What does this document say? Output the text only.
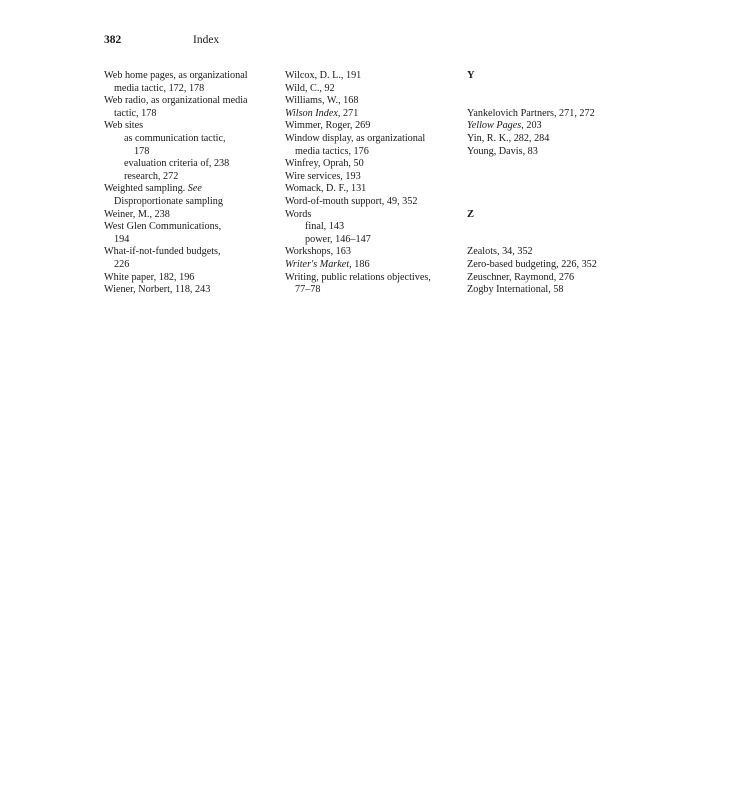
382	Index
Web home pages, as organizational
media tactic, 172, 178
Web radio, as organizational media
tactic, 178
Web sites
as communication tactic,
178
evaluation criteria of, 238
research, 272
Weighted sampling. See
Disproportionate sampling
Weiner, M., 238
West Glen Communications,
194
What-if-not-funded budgets,
226
White paper, 182, 196
Wiener, Norbert, 118, 243
Wilcox, D. L., 191
Wild, C., 92
Williams, W., 168
Wilson Index, 271
Wimmer, Roger, 269
Window display, as organizational
media tactics, 176
Winfrey, Oprah, 50
Wire services, 193
Womack, D. F., 131
Word-of-mouth support, 49, 352
Words
final, 143
power, 146–147
Workshops, 163
Writer's Market, 186
Writing, public relations objectives,
77–78
Y
Yankelovich Partners, 271, 272
Yellow Pages, 203
Yin, R. K., 282, 284
Young, Davis, 83
Z
Zealots, 34, 352
Zero-based budgeting, 226, 352
Zeuschner, Raymond, 276
Zogby International, 58
